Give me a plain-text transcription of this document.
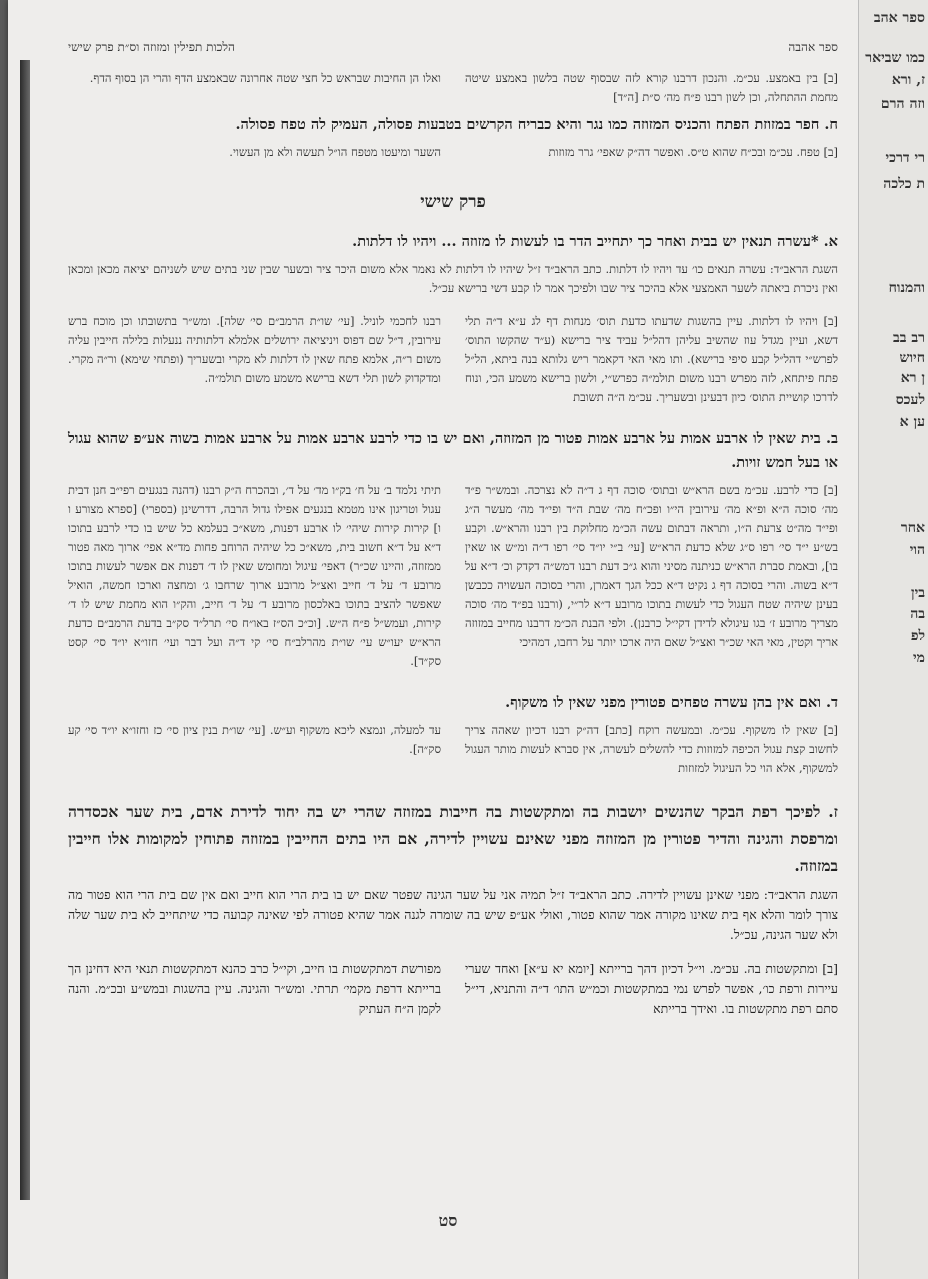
ספר אהבה
הלכות תפילין ומזוזה וס״ת פרק שישי
[ב] בין באמצע. עכ״מ. והנכון דרבנו קורא לזה שבסוף שטה בלשון באמצע שיטה מחמת ההתחלה, וכן לשון רבנו פ״ח מה׳ ס״ת [ה״ד]
ואלו הן החיבות שבראש כל חצי שטה אחרונה שבאמצע הדף והרי הן בסוף הדף.
ח. חפר במזוזת הפתח והכניס המזוזה כמו נגר והיא כבריח הקרשים בטבעות פסולה, העמיק לה טפח פסולה.
[ב] טפח. עכ״מ ובכ״ח שהוא ט״ס. ואפשר דה״ק שאפי׳ גרר מזוזות
השער ומיעטו מטפח הו״ל תעשה ולא מן העשוי.
פרק שישי
א. *עשרה תנאין יש בבית ואחר כך יתחייב הדר בו לעשות לו מזוזה ... ויהיו לו דלתות.
השגת הראב״ד: עשרה תנאים כו׳ עד ויהיו לו דלתות. כתב הראב״ד ז״ל שיהיו לו דלתות לא נאמר אלא משום היכר ציר ובשער שבין שני בתים שיש לשניהם יציאה מכאן ומכאן ואין ניכרת ביאתה לשער האמצעי אלא בהיכר ציר שבו ולפיכך אמר לו קבע דשי ברישא עכ״ל.
[ב] ויהיו לו דלתות. עיין בהשגות שדעתו כדעת תוס׳ מנחות דף לג ע״א ד״ה תלי דשא, ועיין מגדל עוז שהשיב עליהן דהל״ל עביד ציר ברישא (ע״ד שהקשו התוס׳ לפרש״י דהל״ל קבע סיפי ברישא). ותו מאי האי דקאמר ריש גלותא בנה ביתא, הל״ל פתח פיתחא, לזה מפרש רבנו משום תולמ״ה כפרש״י, ולשון ברישא משמע הכי, ונוח לדרכו קושיית התוס׳ כיון דבעינן ובשעריך. עכ״מ ה״ה תשובת
רבנו לחכמי לוניל. [עי׳ שו״ת הרמב״ם סי׳ שלה]. ומש״ר בתשובתו וכן מוכח ברש עירובין, ד״ל שם דפוס ויניציאה ירושלים אלמלא דלתותיה ננעלות בלילה חייבין עליה משום ר״ה, אלמא פתח שאין לו דלתות לא מקרי ובשעריך (ופתחי שימא) ור״ה מקרי. ומדקדוק לשון תלי דשא ברישא משמע משום תולמ״ה.
ב. בית שאין לו ארבע אמות על ארבע אמות פטור מן המזוזה, ואם יש בו כדי לרבע ארבע אמות על ארבע אמות בשוה אע״פ שהוא עגול או בעל חמש זויות.
[ב] כדי לרבע. עכ״מ בשם הרא״ש ובתוס׳ סוכה דף ג ד״ה לא נצרכה. ובמש״ר פ״ד מה׳ סוכה ה״א ופ״א מה׳ עירובין הי״ו ופכ״ח מה׳ שבת ה״ד ופי״ד מה׳ מעשר ה״ג ופי״ד מה״ט צרעת ה״ו, ותראה דבתום עשה הכ״מ מחלוקת בין רבנו והרא״ש. וקבע בש״ע י״ד סי׳ רפו ס״ג שלא כדעת הרא״ש [עי׳ ב״י יו״ד סי׳ רפו ד״ה ומ״ש או שאין בו], ובאמת סברת הרא״ש כניתנה מסיני והוא ג״כ דעת רבנו דמש״ה דקדק וכ׳ ד״א על ד״א בשוה. והרי בסוכה דף ג נקיט ד״א ככל הגך דאמרן, והרי בסוכה העשויה ככבשן בעינן שיהיה שטח העגול כדי לעשות בתוכו מרובע ד״א לר״י, (ורבנו בפ״ד מה׳ סוכה מצריך מרובע ז׳ בגו עיגולא לדידן דקי״ל כרבנן). ולפי הבנת הכ״מ דרבנו מחייב במזוזה אריך וקטין, מאי האי שכ״ר ואצ״ל שאם היה ארכו יותר על רחבו, דמהיכי
תיתי נלמד ב׳ על ח׳ בק״ו מד׳ על ד׳, ובהכרח ה״ק רבנו (דהנה בנגעים רפי״ב חנן דבית עגול וטריגון אינו מטמא בנגעים אפילו גדול הרבה, דדרשינן (בספרי) [ספרא מצורע ו ו] קירות קירות שיהי׳ לו ארבע דפנות, משא״כ בעלמא כל שיש בו כדי לרבע בתוכו ד״א על ד״א חשוב בית, משא״כ כל שיהיה הרוחב פחות מד״א אפי׳ ארוך מאה פטור ממזוזה, והיינו שכ״ר) דאפי׳ עיגול ומחומש שאין לו ד׳ דפנות אם אפשר לעשות בתוכו מרובע ד׳ על ד׳ חייב ואצ״ל מרובע ארוך שרחבו ג׳ ומחצה וארכו חמשה, הואיל שאפשר להציב בתוכו באלכסון מרובע ד׳ על ד׳ חייב, והק״ו הוא מחמת שיש לו ד׳ קירות, ועמש״ל פ״ח ה״ש. [וכ״כ הס״ז באו״ח סי׳ תרל״ד סק״ב בדעת הרמב״ם כדעת הרא״ש יעו״ש עי׳ שו״ת מהרלב״ח סי׳ קי ד״ה ועל דבר ועי׳ חזו״א יו״ד סי׳ קסט סק״ד].
ד. ואם אין בהן עשרה טפחים פטורין מפני שאין לו משקוף.
[ב] שאין לו משקוף. עכ״מ. ובמעשה רוקח [כתב] דה״ק רבנו דכיון שאהה צריך לחשוב קצת עגול הכיפה למזוזות כדי להשלים לעשרה, אין סברא לעשות מותר העגול למשקוף, אלא הוי כל העיגול למזוזות
עד למעלה, ונמצא ליכא משקוף וע״ש. [עי׳ שו״ת בנין ציון סי׳ כז וחזו״א יו״ד סי׳ קע סק״ה].
ז. לפיכך רפת הבקר שהנשים יושבות בה ומתקשטות בה חייבות במזוזה שהרי יש בה יחוד לדירת אדם, בית שער אכסדרה ומרפסת והגינה והדיר פטורין מן המזוזה מפני שאינם עשויין לדירה, אם היו בתים החייבין במזוזה פתוחין למקומות אלו חייבין במזוזה.
השגת הראב״ד: מפני שאינן עשויין לדירה. כתב הראב״ד ז״ל תמיה אני על שער הגינה שפטר שאם יש בו בית הרי הוא חייב ואם אין שם בית הרי הוא פטור מה צורך לומר והלא אף בית שאינו מקורה אמר שהוא פטור, ואולי אע״פ שיש בה שומרה לגנה אמר שהיא פטורה לפי שאינה קבועה כדי שיתחייב לא בית שער שלה ולא שער הגינה, עכ״ל.
[ב] ומתקשטות בה. עכ״מ. וי״ל דכיון דהך ברייתא [יומא יא ע״א] ואחד שערי עיירות ורפת כו׳, אפשר לפרש נמי במתקשטות וכמ״ש התו׳ ד״ה והתניא, די״ל סתם רפת מתקשטות בו. ואידך ברייתא
מפורשת דמתקשטות בו חייב, וקי״ל כרב כהנא דמתקשטות תנאי היא דחינן הך ברייתא דרפת מקמי׳ תרתי. ומש״ר והגינה. עיין בהשגות ובמש״ע ובכ״מ. והנה לקמן ה״ח העתיק
סט
ספר אהב
כמו שביאר
ז, ורא
וזה הרם
רי דרכי
ת כלכה
והמנוח
רב בב
חיוש
ן רא
לעכס
ען א
אחר
הוי
בין
בה
לפ
מי
